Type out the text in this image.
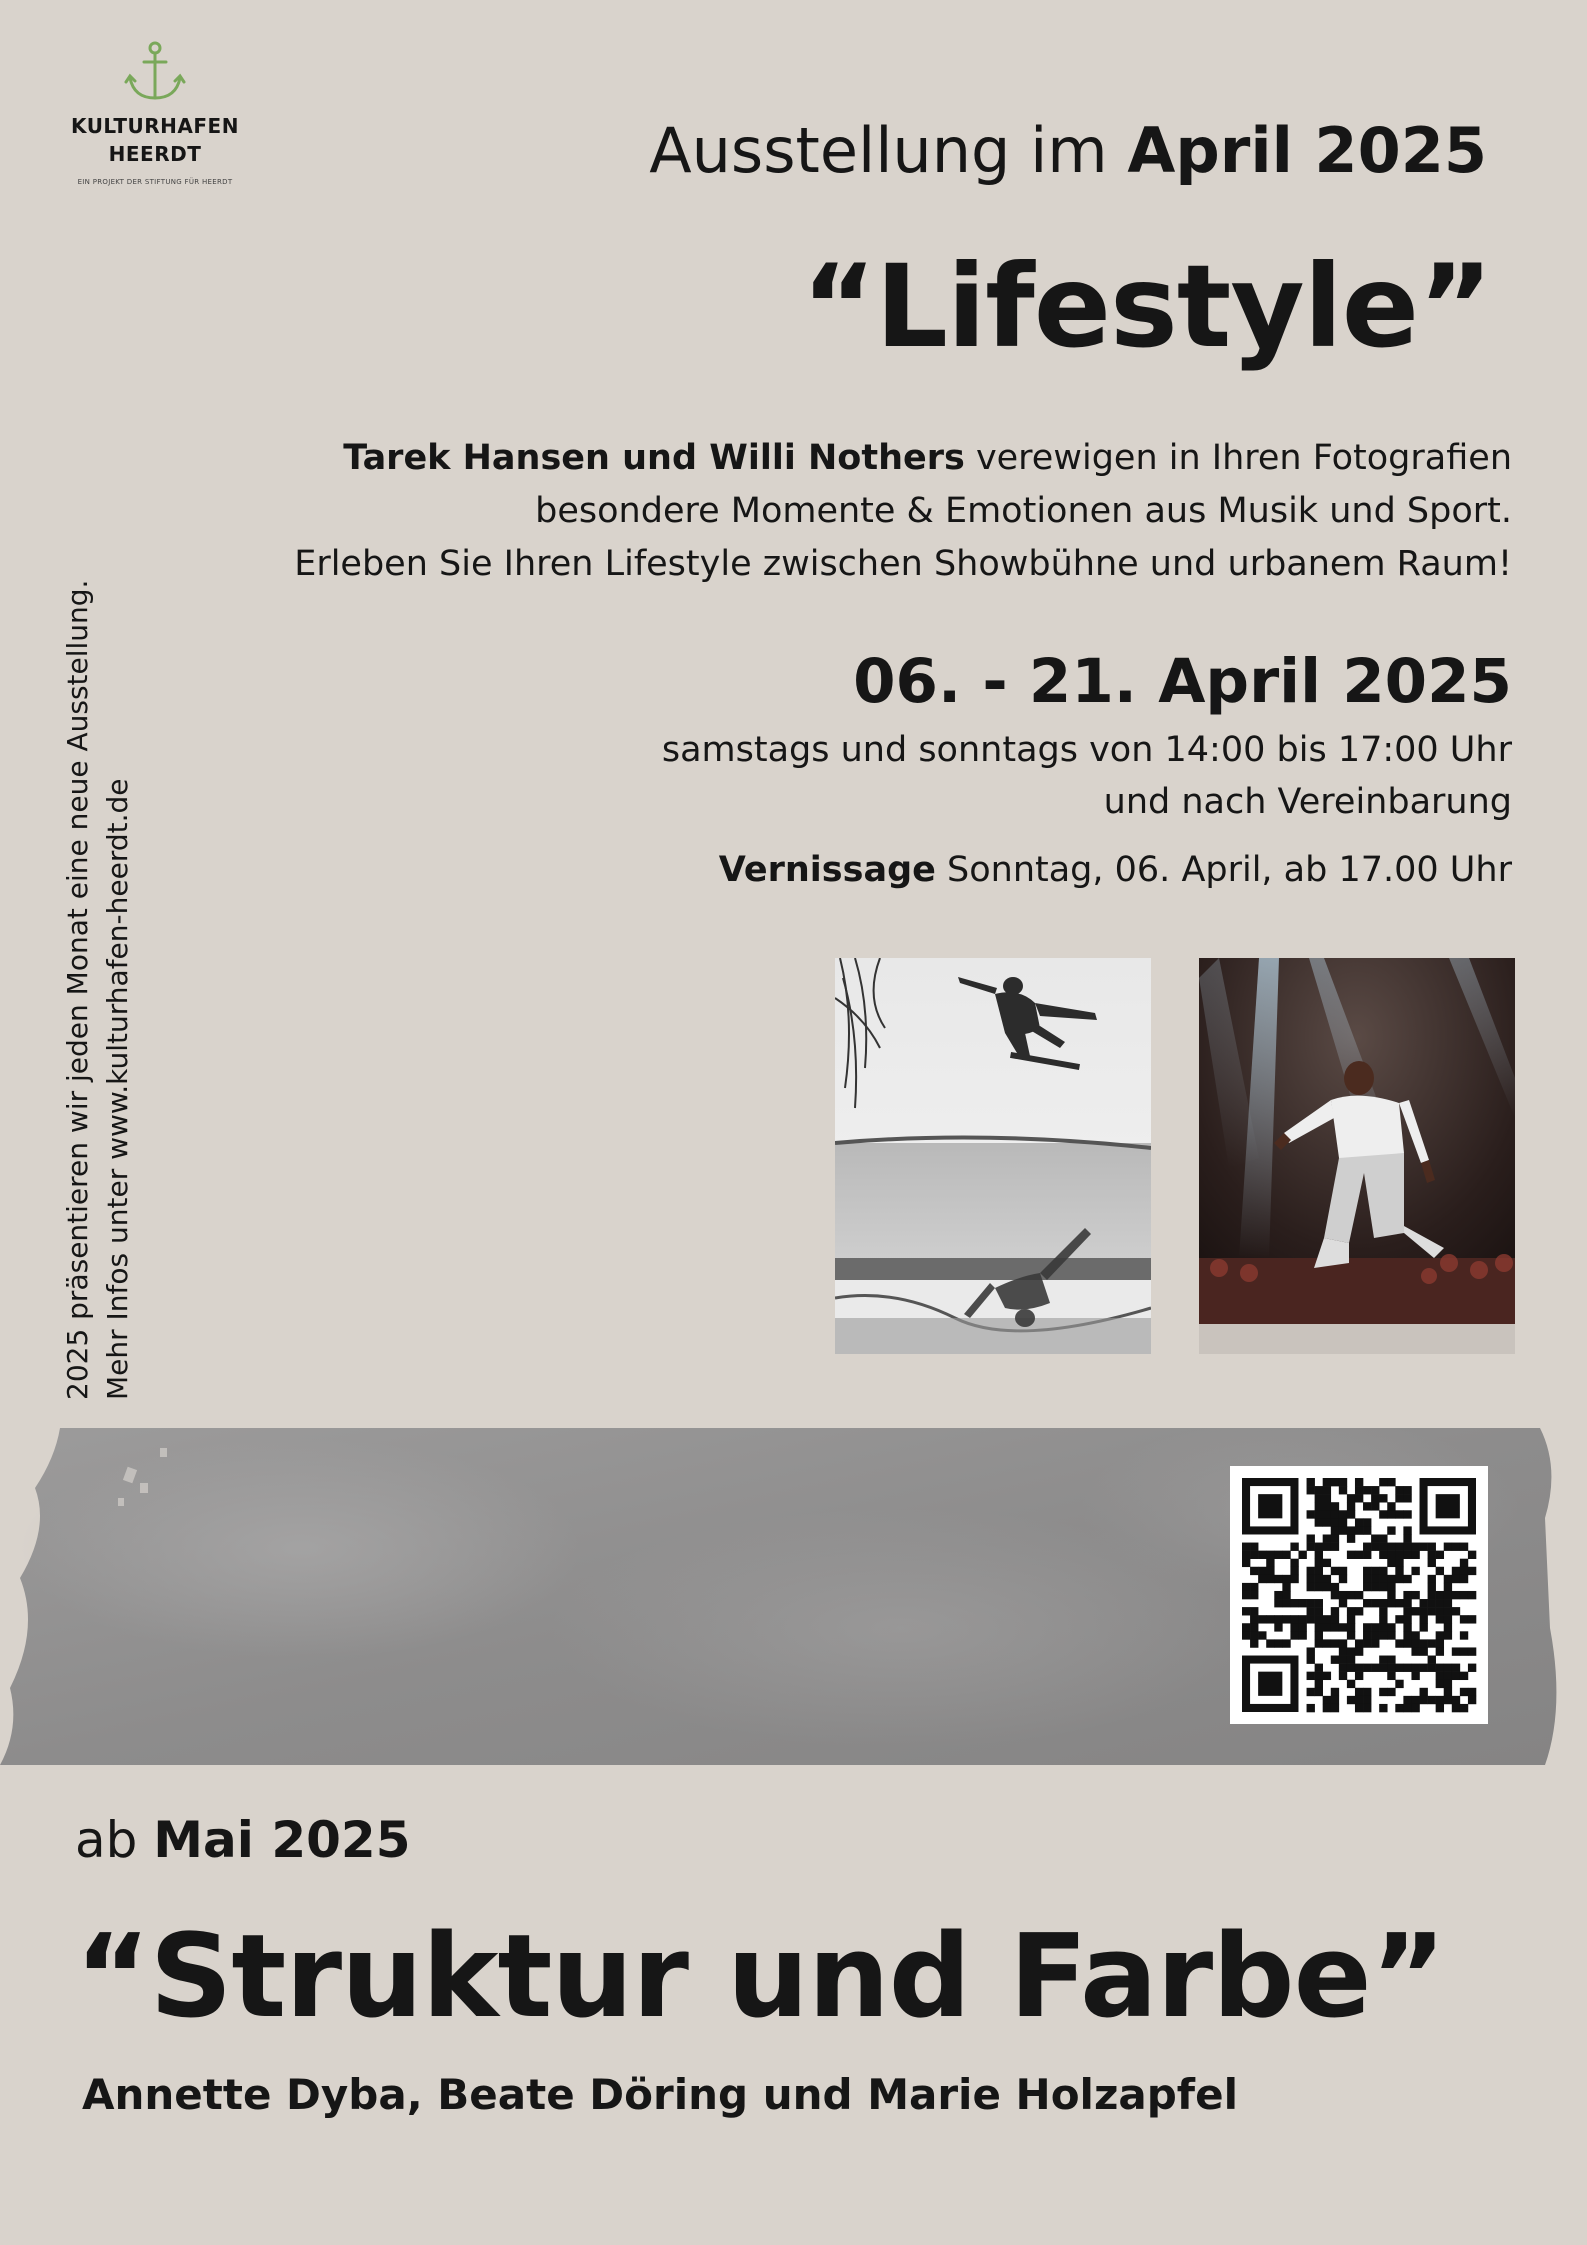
KULTURHAFEN
HEERDT
EIN PROJEKT DER STIFTUNG FÜR HEERDT	Ausstellung im April 2025
“Lifestyle”

Tarek Hansen und Willi Nothers verewigen in Ihren Fotografien

besondere Momente & Emotionen aus Musik und Sport.

Erleben Sie Ihren Lifestyle zwischen Showbühne und urbanem Raum!

06. - 21. April 2025

samstags und sonntags von 14:00 bis 17:00 Uhr

und nach Vereinbarung

Vernissage Sonntag, 06. April, ab 17.00 Uhr

2025 präsentieren wir jeden Monat eine neue Ausstellung. Mehr Infos unter www.kulturhafen-heerdt.de

ab Mai 2025
“Struktur und Farbe”
Annette Dyba, Beate Döring und Marie Holzapfel
